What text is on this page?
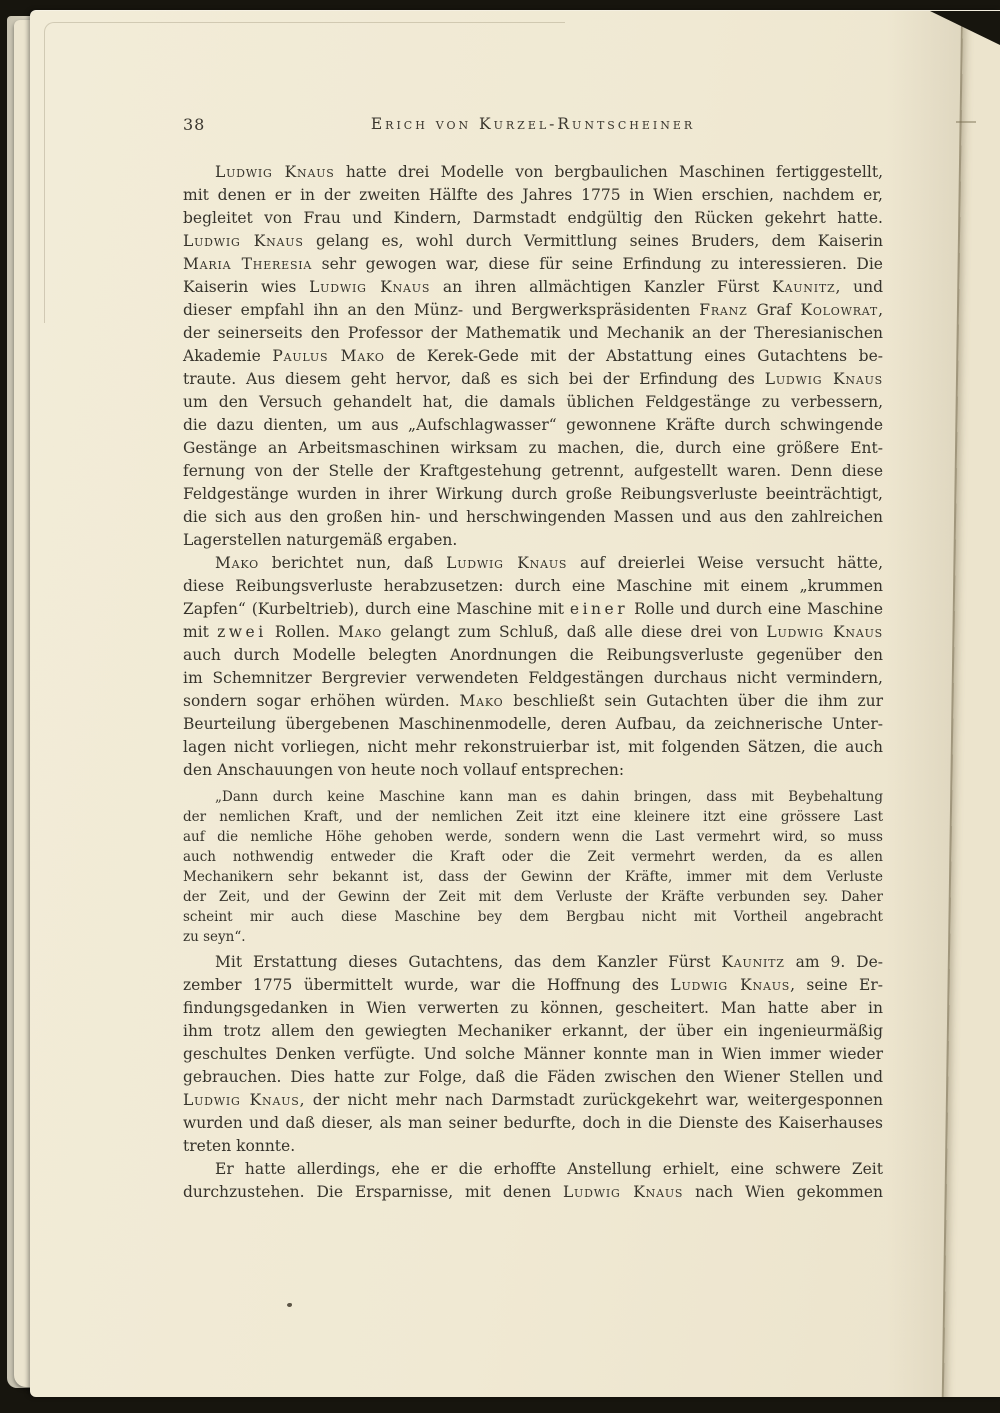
38	Erich von Kurzel-Runtscheiner
Ludwig Knaus hatte drei Modelle von bergbaulichen Maschinen fertiggestellt,
mit denen er in der zweiten Hälfte des Jahres 1775 in Wien erschien, nachdem er,
begleitet von Frau und Kindern, Darmstadt endgültig den Rücken gekehrt hatte.
Ludwig Knaus gelang es, wohl durch Vermittlung seines Bruders, dem Kaiserin
Maria Theresia sehr gewogen war, diese für seine Erfindung zu interessieren. Die
Kaiserin wies Ludwig Knaus an ihren allmächtigen Kanzler Fürst Kaunitz, und
dieser empfahl ihn an den Münz- und Bergwerkspräsidenten Franz Graf Kolowrat,
der seinerseits den Professor der Mathematik und Mechanik an der Theresianischen
Akademie Paulus Mako de Kerek-Gede mit der Abstattung eines Gutachtens be-
traute. Aus diesem geht hervor, daß es sich bei der Erfindung des Ludwig Knaus
um den Versuch gehandelt hat, die damals üblichen Feldgestänge zu verbessern,
die dazu dienten, um aus „Aufschlagwasser“ gewonnene Kräfte durch schwingende
Gestänge an Arbeitsmaschinen wirksam zu machen, die, durch eine größere Ent-
fernung von der Stelle der Kraftgestehung getrennt, aufgestellt waren. Denn diese
Feldgestänge wurden in ihrer Wirkung durch große Reibungsverluste beeinträchtigt,
die sich aus den großen hin- und herschwingenden Massen und aus den zahlreichen
Lagerstellen naturgemäß ergaben.
Mako berichtet nun, daß Ludwig Knaus auf dreierlei Weise versucht hätte,
diese Reibungsverluste herabzusetzen: durch eine Maschine mit einem „krummen
Zapfen“ (Kurbeltrieb), durch eine Maschine mit einer Rolle und durch eine Maschine
mit zwei Rollen. Mako gelangt zum Schluß, daß alle diese drei von Ludwig Knaus
auch durch Modelle belegten Anordnungen die Reibungsverluste gegenüber den
im Schemnitzer Bergrevier verwendeten Feldgestängen durchaus nicht vermindern,
sondern sogar erhöhen würden. Mako beschließt sein Gutachten über die ihm zur
Beurteilung übergebenen Maschinenmodelle, deren Aufbau, da zeichnerische Unter-
lagen nicht vorliegen, nicht mehr rekonstruierbar ist, mit folgenden Sätzen, die auch
den Anschauungen von heute noch vollauf entsprechen:
„Dann durch keine Maschine kann man es dahin bringen, dass mit Beybehaltung
der nemlichen Kraft, und der nemlichen Zeit itzt eine kleinere itzt eine grössere Last
auf die nemliche Höhe gehoben werde, sondern wenn die Last vermehrt wird, so muss
auch nothwendig entweder die Kraft oder die Zeit vermehrt werden, da es allen
Mechanikern sehr bekannt ist, dass der Gewinn der Kräfte, immer mit dem Verluste
der Zeit, und der Gewinn der Zeit mit dem Verluste der Kräfte verbunden sey. Daher
scheint mir auch diese Maschine bey dem Bergbau nicht mit Vortheil angebracht
zu seyn“.
Mit Erstattung dieses Gutachtens, das dem Kanzler Fürst Kaunitz am 9. De-
zember 1775 übermittelt wurde, war die Hoffnung des Ludwig Knaus, seine Er-
findungsgedanken in Wien verwerten zu können, gescheitert. Man hatte aber in
ihm trotz allem den gewiegten Mechaniker erkannt, der über ein ingenieurmäßig
geschultes Denken verfügte. Und solche Männer konnte man in Wien immer wieder
gebrauchen. Dies hatte zur Folge, daß die Fäden zwischen den Wiener Stellen und
Ludwig Knaus, der nicht mehr nach Darmstadt zurückgekehrt war, weitergesponnen
wurden und daß dieser, als man seiner bedurfte, doch in die Dienste des Kaiserhauses
treten konnte.
Er hatte allerdings, ehe er die erhoffte Anstellung erhielt, eine schwere Zeit
durchzustehen. Die Ersparnisse, mit denen Ludwig Knaus nach Wien gekommen
